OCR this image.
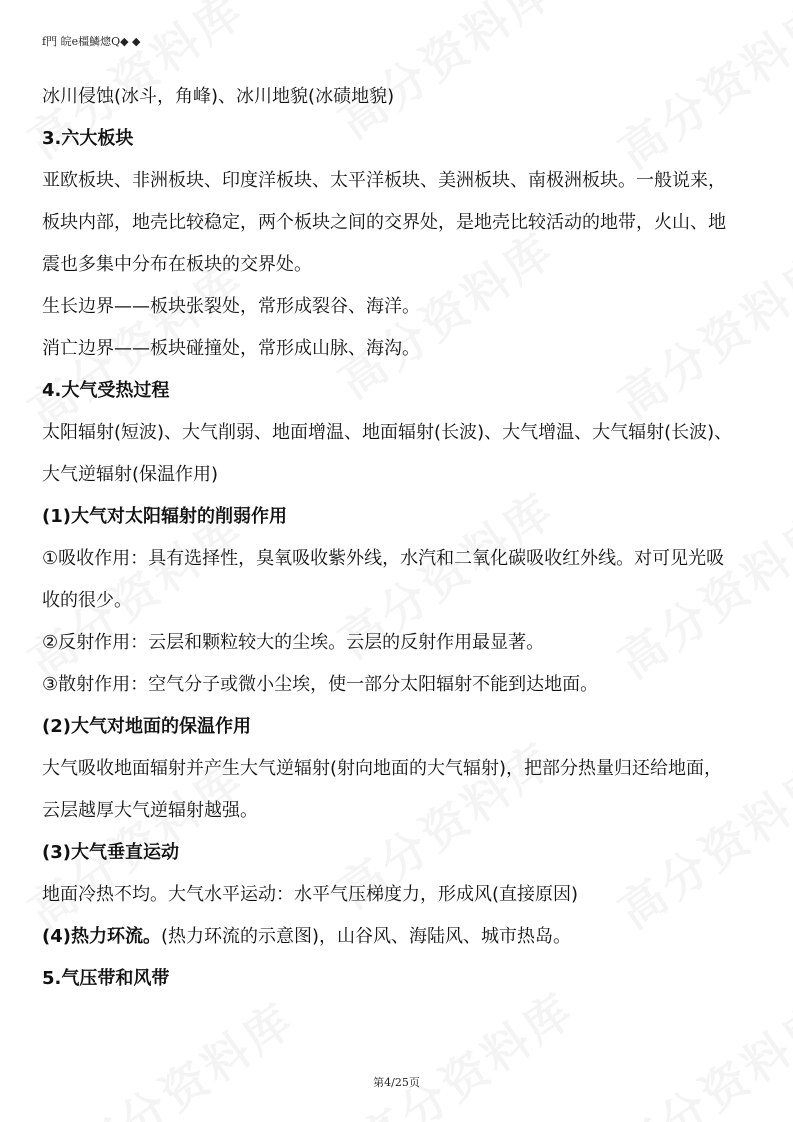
f門 皖e橿鱗熜Q◆ ◆
冰川侵蚀(冰斗，角峰)、冰川地貌(冰碛地貌)
3.六大板块
亚欧板块、非洲板块、印度洋板块、太平洋板块、美洲板块、南极洲板块。一般说来，
板块内部，地壳比较稳定，两个板块之间的交界处，是地壳比较活动的地带，火山、地
震也多集中分布在板块的交界处。
生长边界——板块张裂处，常形成裂谷、海洋。
消亡边界——板块碰撞处，常形成山脉、海沟。
4.大气受热过程
太阳辐射(短波)、大气削弱、地面增温、地面辐射(长波)、大气增温、大气辐射(长波)、
大气逆辐射(保温作用)
(1)大气对太阳辐射的削弱作用
①吸收作用：具有选择性，臭氧吸收紫外线，水汽和二氧化碳吸收红外线。对可见光吸
收的很少。
②反射作用：云层和颗粒较大的尘埃。云层的反射作用最显著。
③散射作用：空气分子或微小尘埃，使一部分太阳辐射不能到达地面。
(2)大气对地面的保温作用
大气吸收地面辐射并产生大气逆辐射(射向地面的大气辐射)，把部分热量归还给地面，
云层越厚大气逆辐射越强。
(3)大气垂直运动
地面冷热不均。大气水平运动：水平气压梯度力，形成风(直接原因)
(4)热力环流。(热力环流的示意图)，山谷风、海陆风、城市热岛。
5.气压带和风带
第4/25页
